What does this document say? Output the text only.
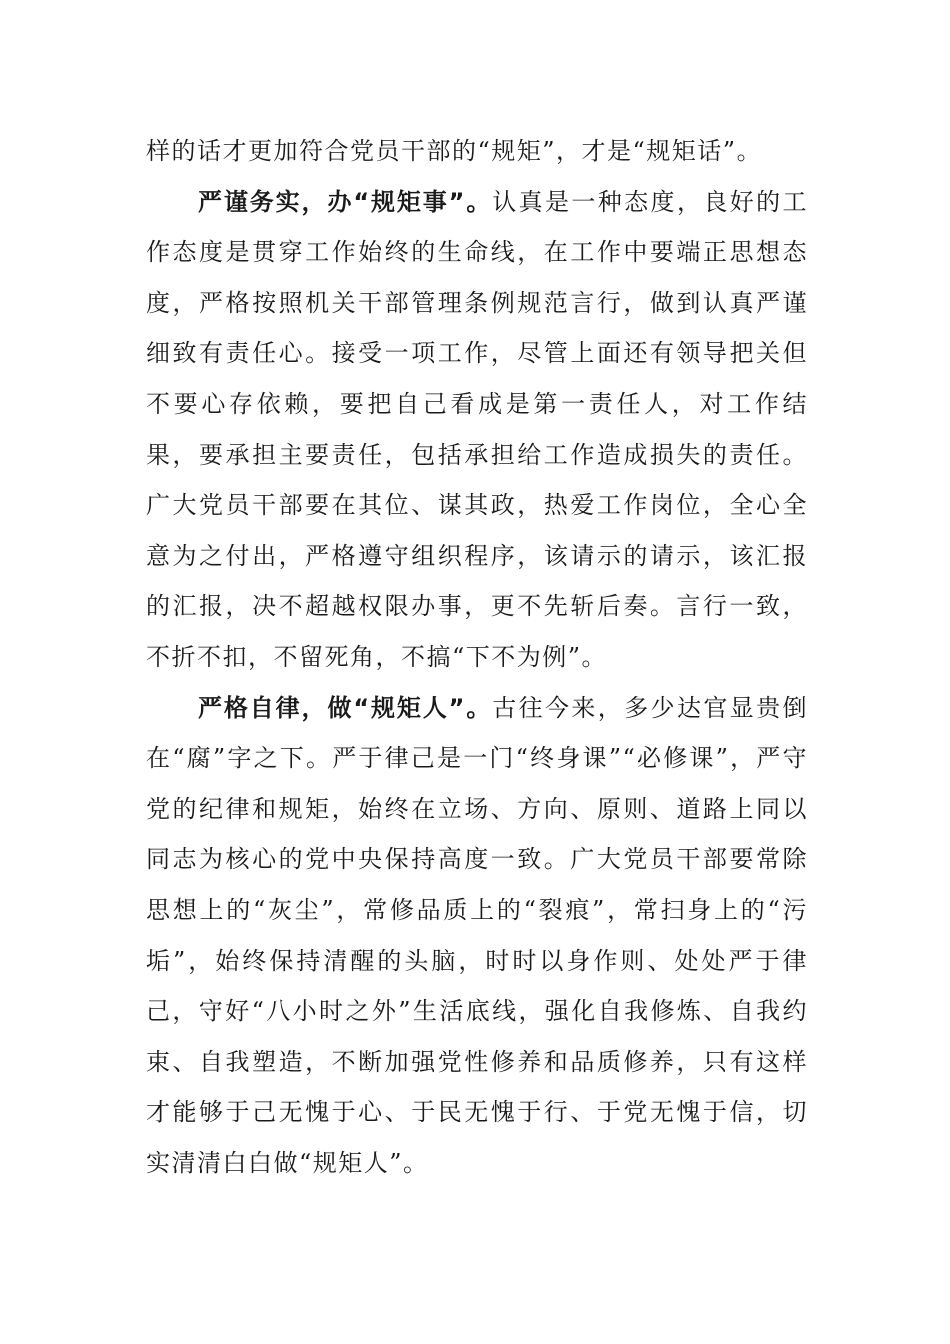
样的话才更加符合党员干部的“规矩”，才是“规矩话”。

严谨务实，办“规矩事”。认真是一种态度，良好的工作态度是贯穿工作始终的生命线，在工作中要端正思想态度，严格按照机关干部管理条例规范言行，做到认真严谨细致有责任心。接受一项工作，尽管上面还有领导把关但不要心存依赖，要把自己看成是第一责任人，对工作结果，要承担主要责任，包括承担给工作造成损失的责任。广大党员干部要在其位、谋其政，热爱工作岗位，全心全意为之付出，严格遵守组织程序，该请示的请示，该汇报的汇报，决不超越权限办事，更不先斩后奏。言行一致，不折不扣，不留死角，不搞“下不为例”。

严格自律，做“规矩人”。古往今来，多少达官显贵倒在“腐”字之下。严于律己是一门“终身课”“必修课”，严守党的纪律和规矩，始终在立场、方向、原则、道路上同以同志为核心的党中央保持高度一致。广大党员干部要常除思想上的“灰尘”，常修品质上的“裂痕”，常扫身上的“污垢”，始终保持清醒的头脑，时时以身作则、处处严于律己，守好“八小时之外”生活底线，强化自我修炼、自我约束、自我塑造，不断加强党性修养和品质修养，只有这样才能够于己无愧于心、于民无愧于行、于党无愧于信，切实清清白白做“规矩人”。
